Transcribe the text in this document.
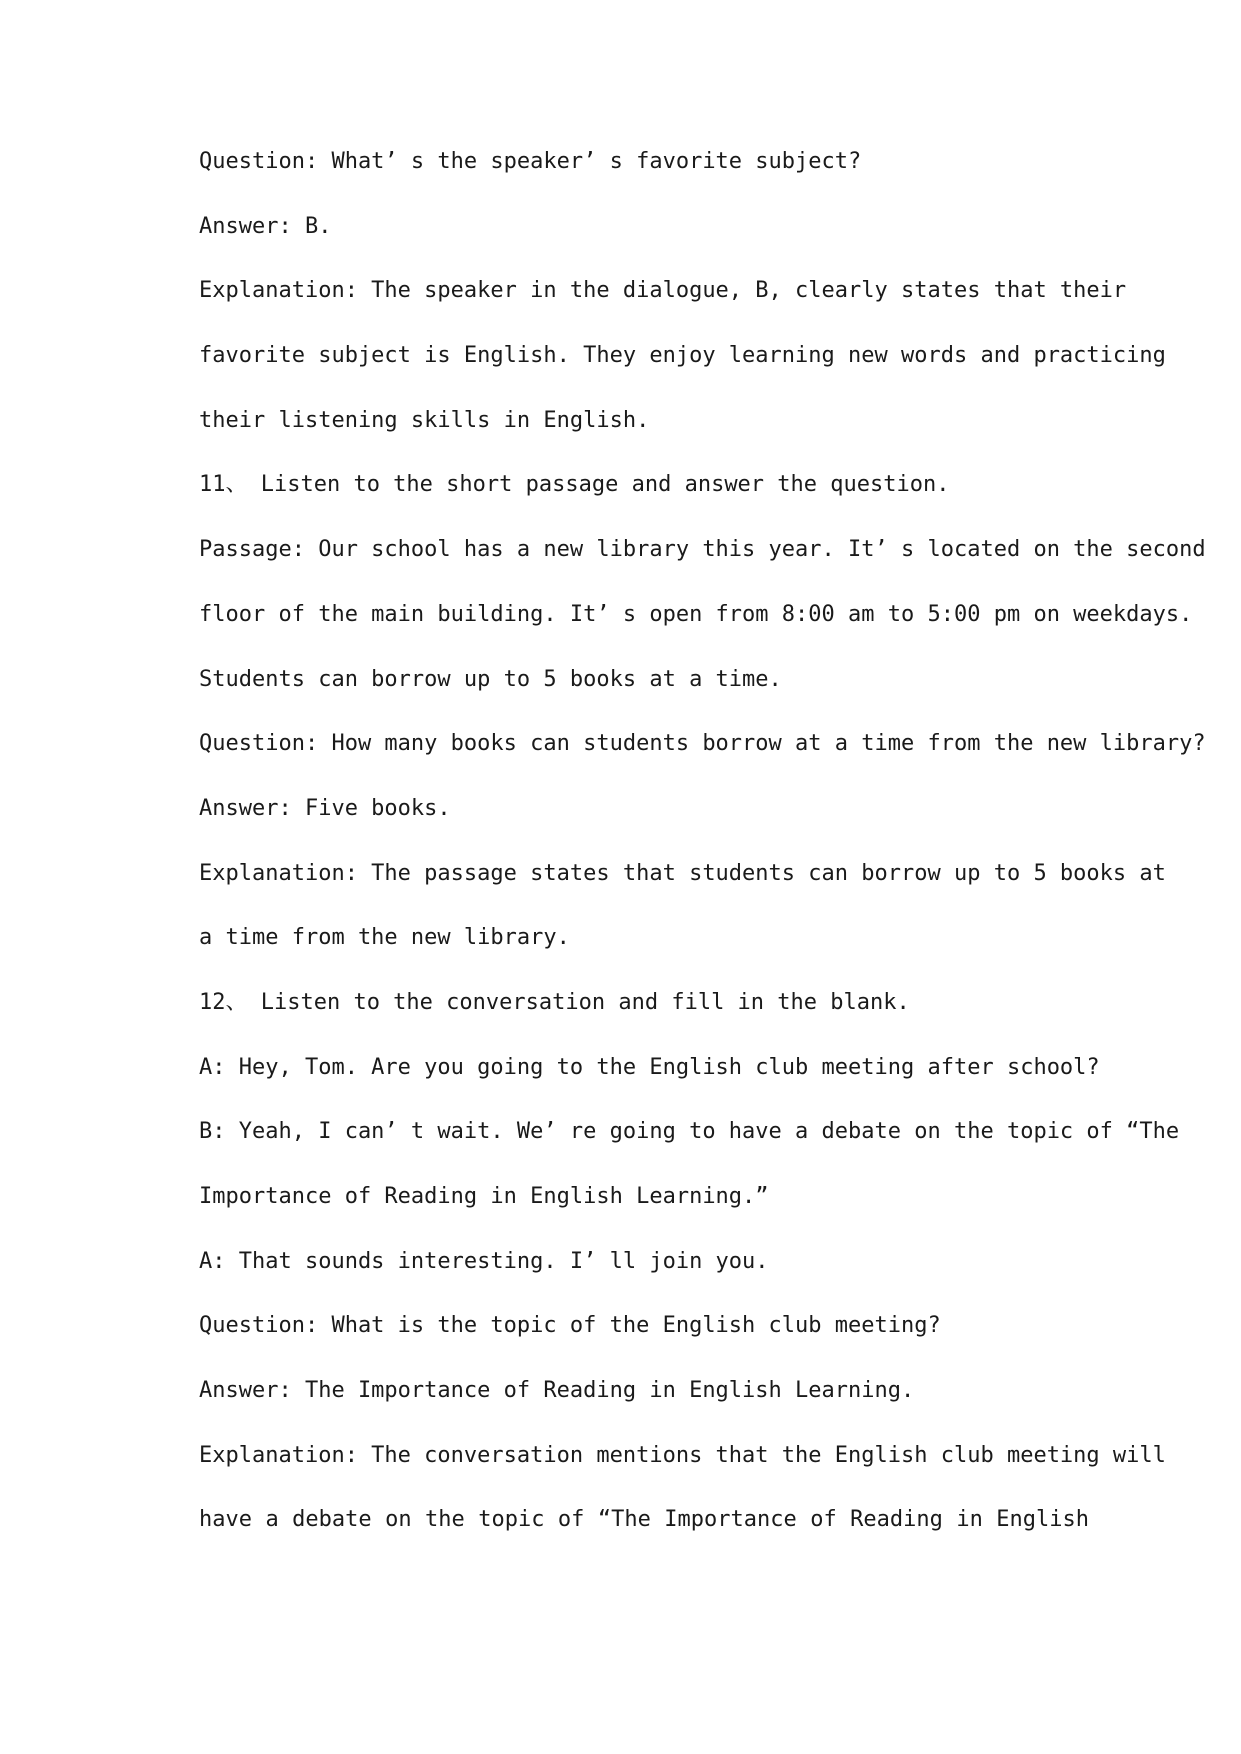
Question: What’ s the speaker’ s favorite subject?
Answer: B.
Explanation: The speaker in the dialogue, B, clearly states that their
favorite subject is English. They enjoy learning new words and practicing
their listening skills in English.
11、 Listen to the short passage and answer the question.
Passage: Our school has a new library this year. It’ s located on the second
floor of the main building. It’ s open from 8:00 am to 5:00 pm on weekdays.
Students can borrow up to 5 books at a time.
Question: How many books can students borrow at a time from the new library?
Answer: Five books.
Explanation: The passage states that students can borrow up to 5 books at
a time from the new library.
12、 Listen to the conversation and fill in the blank.
A: Hey, Tom. Are you going to the English club meeting after school?
B: Yeah, I can’ t wait. We’ re going to have a debate on the topic of “The
Importance of Reading in English Learning.”
A: That sounds interesting. I’ ll join you.
Question: What is the topic of the English club meeting?
Answer: The Importance of Reading in English Learning.
Explanation: The conversation mentions that the English club meeting will
have a debate on the topic of “The Importance of Reading in English
